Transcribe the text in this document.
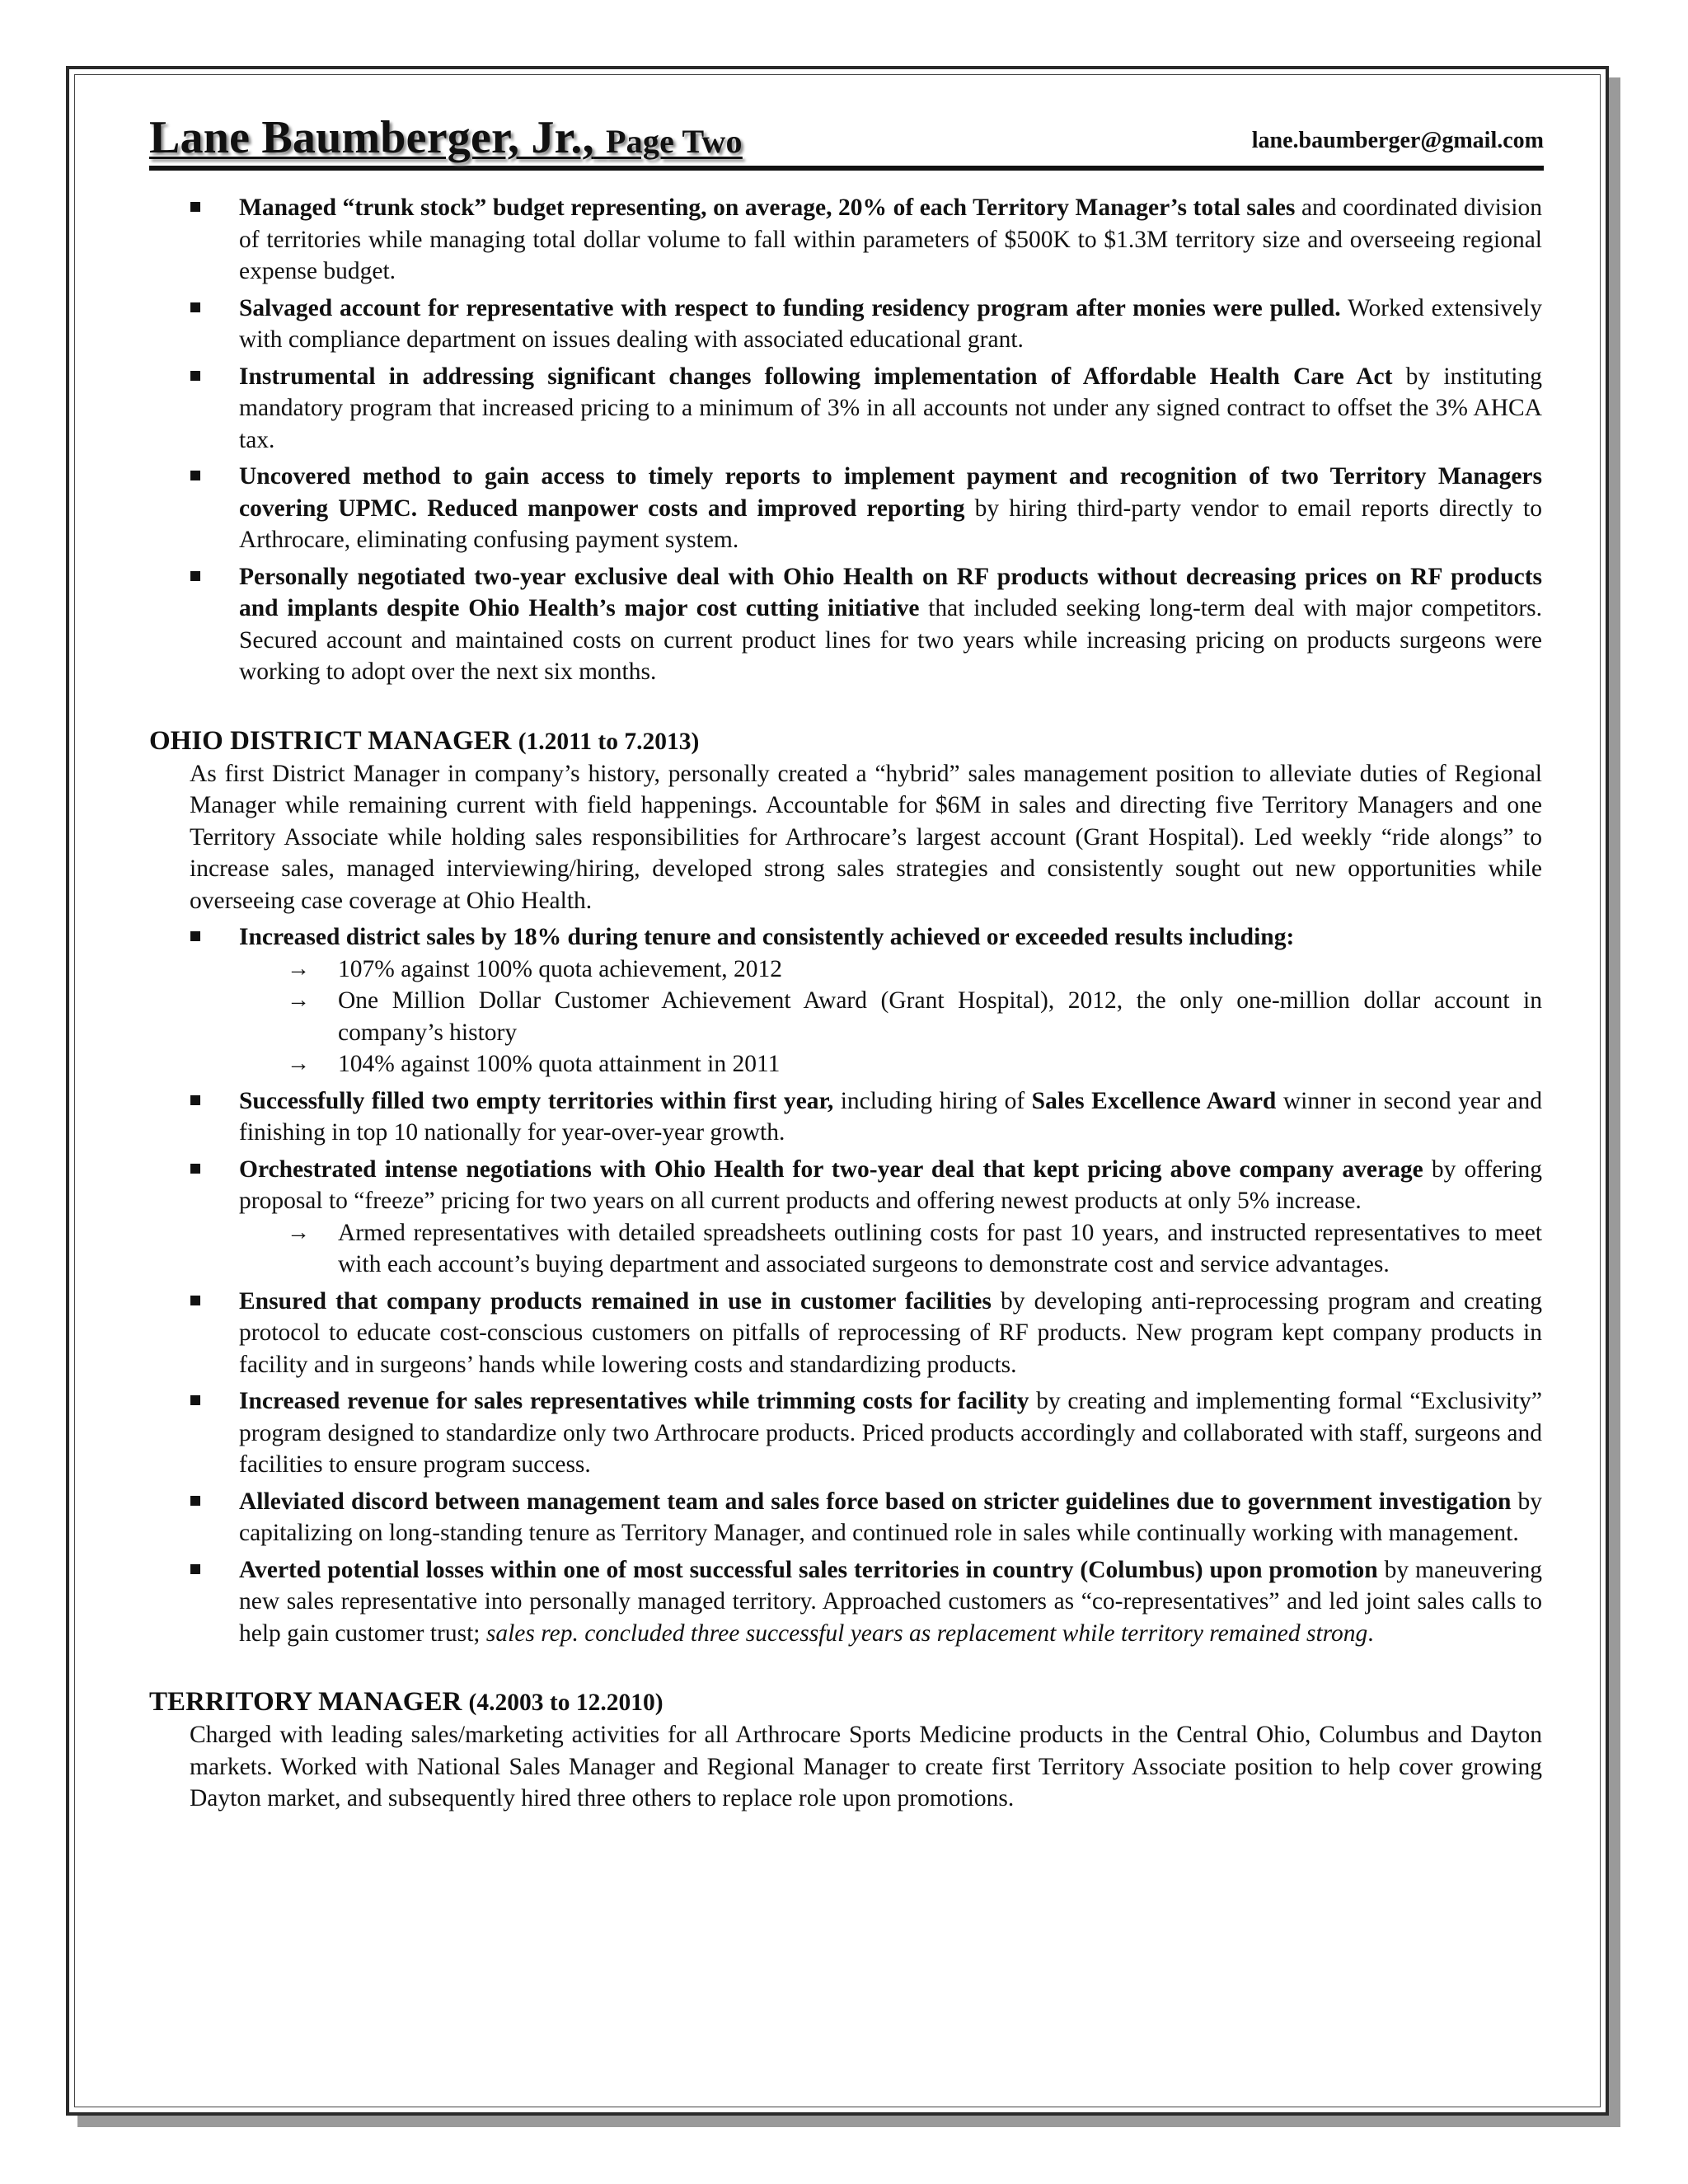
Lane Baumberger, Jr., Page Two	lane.baumberger@gmail.com
Managed “trunk stock” budget representing, on average, 20% of each Territory Manager’s total sales and coordinated division of territories while managing total dollar volume to fall within parameters of $500K to $1.3M territory size and overseeing regional expense budget.
Salvaged account for representative with respect to funding residency program after monies were pulled. Worked extensively with compliance department on issues dealing with associated educational grant.
Instrumental in addressing significant changes following implementation of Affordable Health Care Act by instituting mandatory program that increased pricing to a minimum of 3% in all accounts not under any signed contract to offset the 3% AHCA tax.
Uncovered method to gain access to timely reports to implement payment and recognition of two Territory Managers covering UPMC. Reduced manpower costs and improved reporting by hiring third-party vendor to email reports directly to Arthrocare, eliminating confusing payment system.
Personally negotiated two-year exclusive deal with Ohio Health on RF products without decreasing prices on RF products and implants despite Ohio Health’s major cost cutting initiative that included seeking long-term deal with major competitors. Secured account and maintained costs on current product lines for two years while increasing pricing on products surgeons were working to adopt over the next six months.
OHIO DISTRICT MANAGER (1.2011 to 7.2013)
As first District Manager in company’s history, personally created a “hybrid” sales management position to alleviate duties of Regional Manager while remaining current with field happenings. Accountable for $6M in sales and directing five Territory Managers and one Territory Associate while holding sales responsibilities for Arthrocare’s largest account (Grant Hospital). Led weekly “ride alongs” to increase sales, managed interviewing/hiring, developed strong sales strategies and consistently sought out new opportunities while overseeing case coverage at Ohio Health.
Increased district sales by 18% during tenure and consistently achieved or exceeded results including:
→ 107% against 100% quota achievement, 2012
→ One Million Dollar Customer Achievement Award (Grant Hospital), 2012, the only one-million dollar account in company’s history
→ 104% against 100% quota attainment in 2011
Successfully filled two empty territories within first year, including hiring of Sales Excellence Award winner in second year and finishing in top 10 nationally for year-over-year growth.
Orchestrated intense negotiations with Ohio Health for two-year deal that kept pricing above company average by offering proposal to “freeze” pricing for two years on all current products and offering newest products at only 5% increase.
→ Armed representatives with detailed spreadsheets outlining costs for past 10 years, and instructed representatives to meet with each account’s buying department and associated surgeons to demonstrate cost and service advantages.
Ensured that company products remained in use in customer facilities by developing anti-reprocessing program and creating protocol to educate cost-conscious customers on pitfalls of reprocessing of RF products. New program kept company products in facility and in surgeons’ hands while lowering costs and standardizing products.
Increased revenue for sales representatives while trimming costs for facility by creating and implementing formal “Exclusivity” program designed to standardize only two Arthrocare products. Priced products accordingly and collaborated with staff, surgeons and facilities to ensure program success.
Alleviated discord between management team and sales force based on stricter guidelines due to government investigation by capitalizing on long-standing tenure as Territory Manager, and continued role in sales while continually working with management.
Averted potential losses within one of most successful sales territories in country (Columbus) upon promotion by maneuvering new sales representative into personally managed territory. Approached customers as “co-representatives” and led joint sales calls to help gain customer trust; sales rep. concluded three successful years as replacement while territory remained strong.
TERRITORY MANAGER (4.2003 to 12.2010)
Charged with leading sales/marketing activities for all Arthrocare Sports Medicine products in the Central Ohio, Columbus and Dayton markets. Worked with National Sales Manager and Regional Manager to create first Territory Associate position to help cover growing Dayton market, and subsequently hired three others to replace role upon promotions.
